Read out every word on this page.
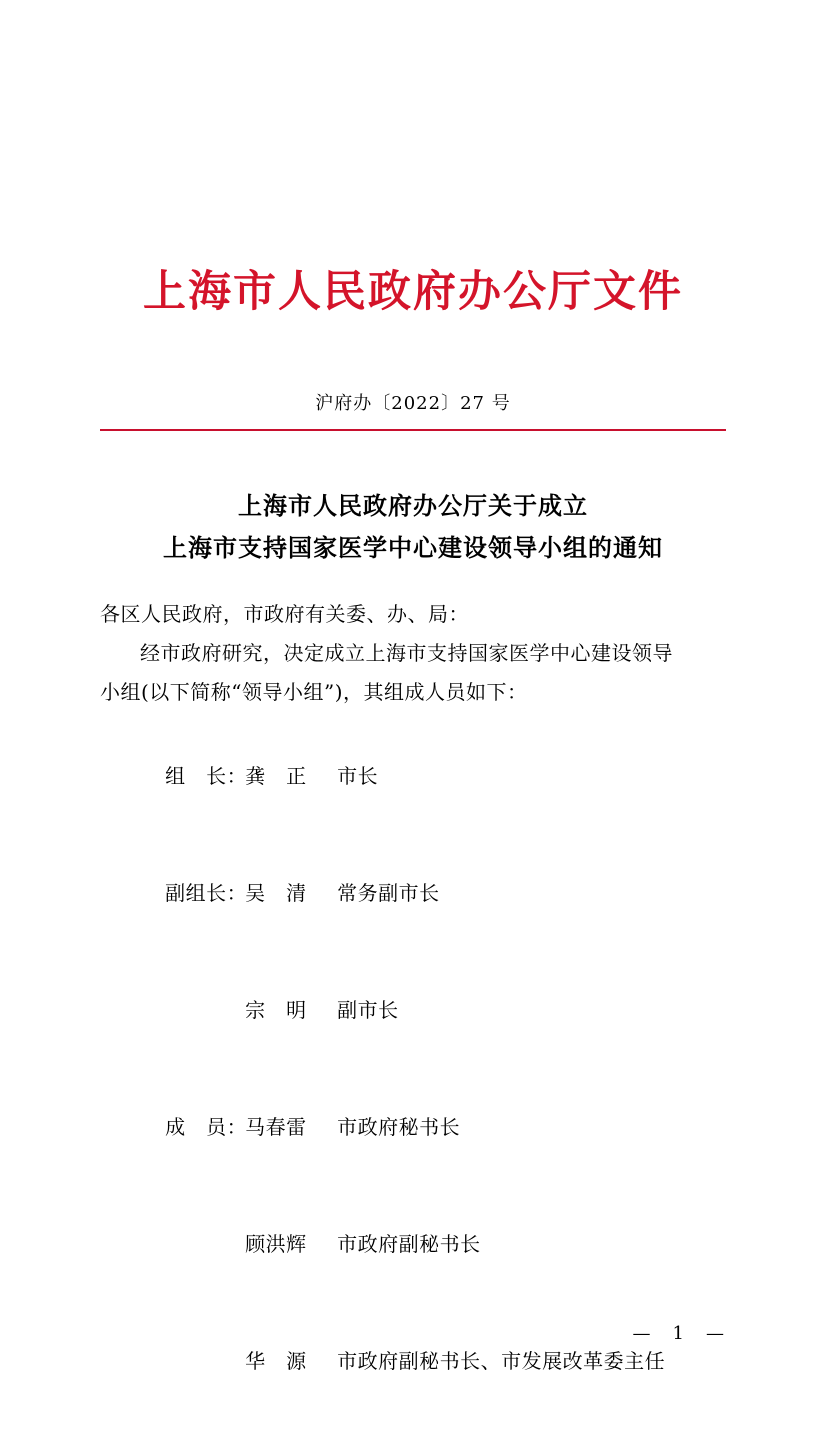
上海市人民政府办公厅文件
沪府办〔2022〕27 号
上海市人民政府办公厅关于成立
上海市支持国家医学中心建设领导小组的通知
各区人民政府，市政府有关委、办、局：
经市政府研究，决定成立上海市支持国家医学中心建设领导
小组(以下简称“领导小组”)，其组成人员如下：

组　长：龚　正 市长

副组长：吴　清 常务副市长

宗　明 副市长

成　员：马春雷 市政府秘书长

顾洪辉 市政府副秘书长

华　源 市政府副秘书长、市发展改革委主任

—　1　—
